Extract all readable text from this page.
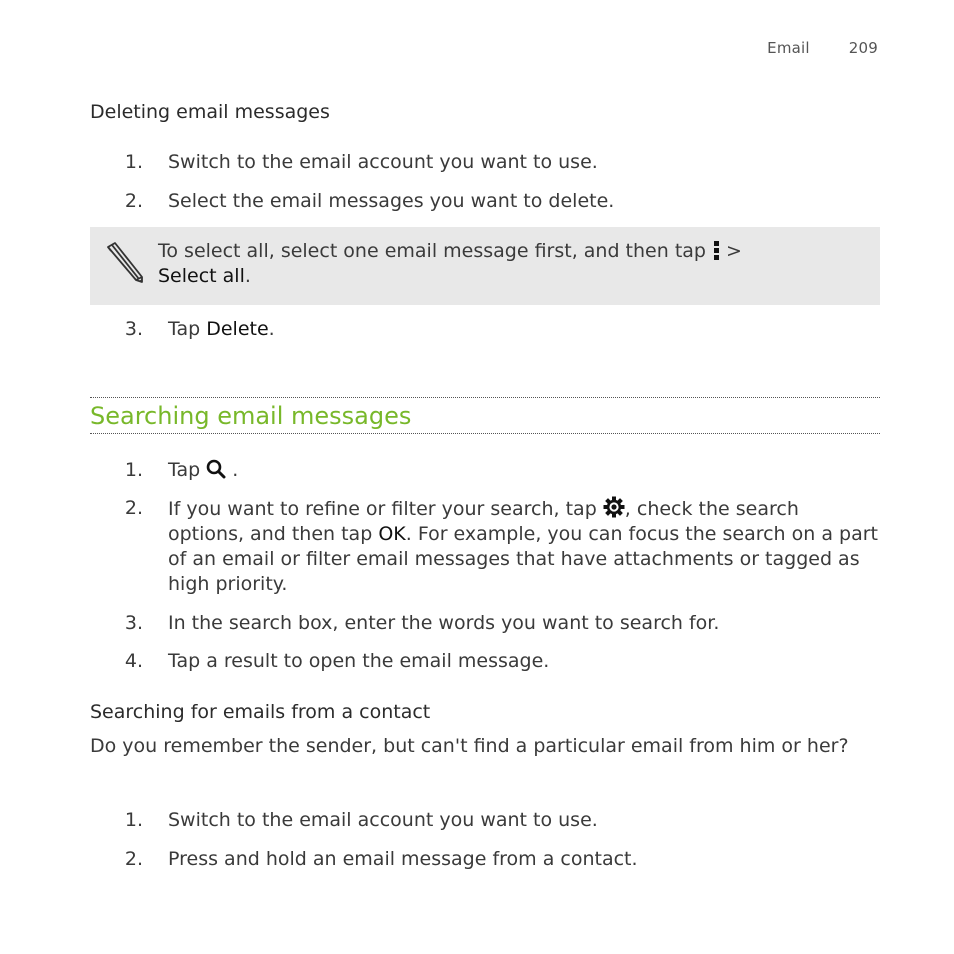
Email	209
Deleting email messages
1. Switch to the email account you want to use.
2. Select the email messages you want to delete.
To select all, select one email message first, and then tap  >
Select all.
3. Tap Delete.
Searching email messages
1. Tap  .
2. If you want to refine or filter your search, tap , check the search options, and then tap OK. For example, you can focus the search on a part of an email or filter email messages that have attachments or tagged as high priority.
3. In the search box, enter the words you want to search for.
4. Tap a result to open the email message.
Searching for emails from a contact
Do you remember the sender, but can't find a particular email from him or her?
1. Switch to the email account you want to use.
2. Press and hold an email message from a contact.
